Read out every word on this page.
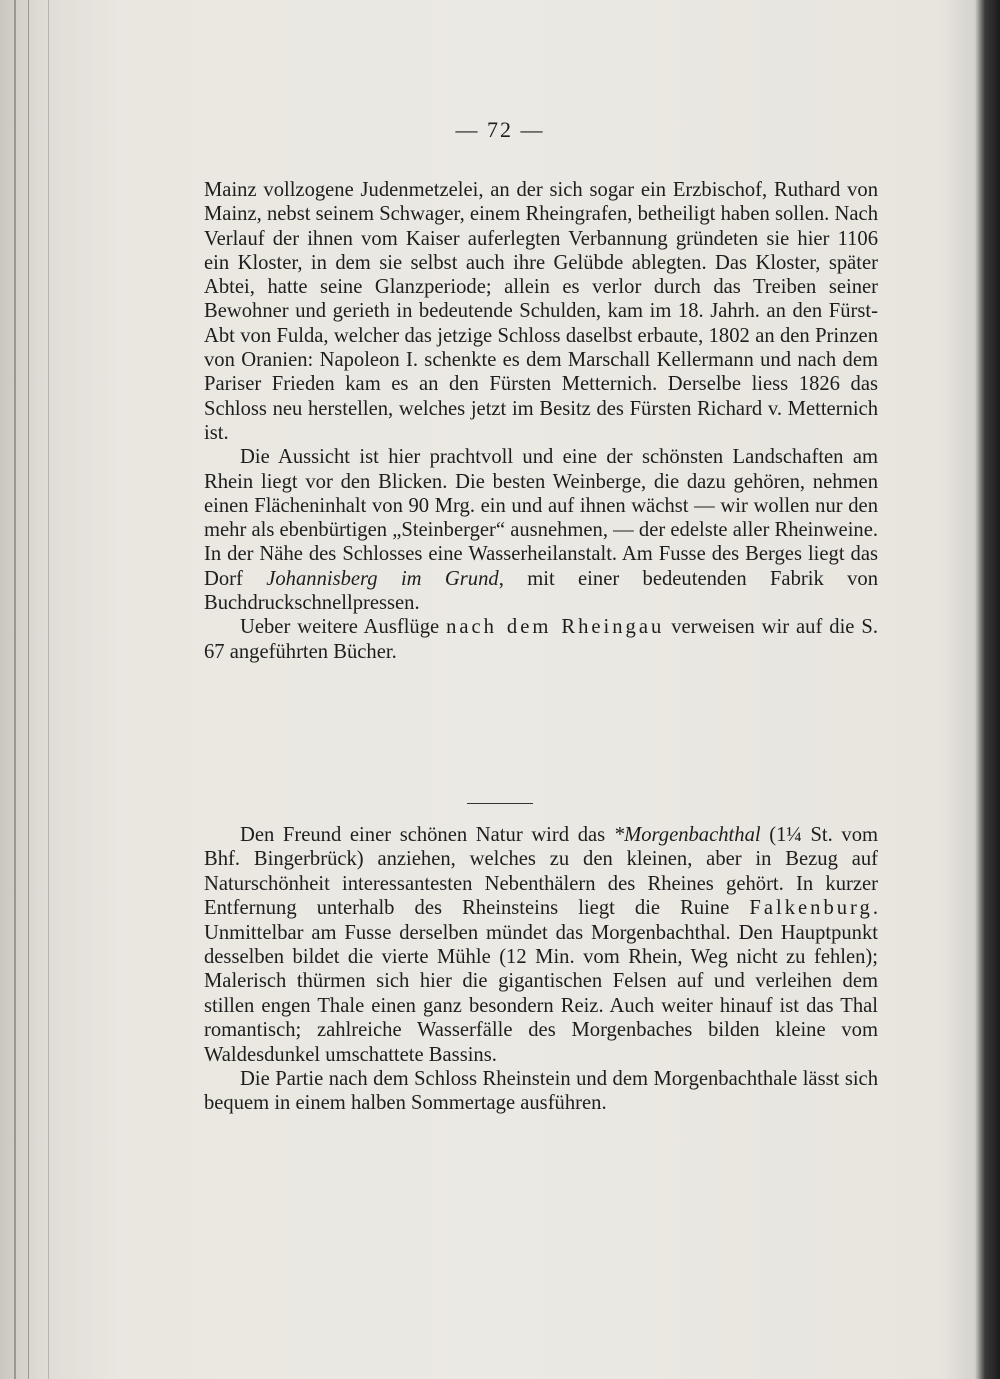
— 72 —

Mainz vollzogene Judenmetzelei, an der sich sogar ein Erzbischof, Ruthard von Mainz, nebst seinem Schwager, einem Rheingrafen, betheiligt haben sollen. Nach Verlauf der ihnen vom Kaiser auferlegten Verbannung gründeten sie hier 1106 ein Kloster, in dem sie selbst auch ihre Gelübde ablegten. Das Kloster, später Abtei, hatte seine Glanzperiode; allein es verlor durch das Treiben seiner Bewohner und gerieth in bedeutende Schulden, kam im 18. Jahrh. an den Fürst-Abt von Fulda, welcher das jetzige Schloss daselbst erbaute, 1802 an den Prinzen von Oranien: Napoleon I. schenkte es dem Marschall Kellermann und nach dem Pariser Frieden kam es an den Fürsten Metternich. Derselbe liess 1826 das Schloss neu herstellen, welches jetzt im Besitz des Fürsten Richard v. Metternich ist.

Die Aussicht ist hier prachtvoll und eine der schönsten Landschaften am Rhein liegt vor den Blicken. Die besten Weinberge, die dazu gehören, nehmen einen Flächeninhalt von 90 Mrg. ein und auf ihnen wächst — wir wollen nur den mehr als ebenbürtigen „Steinberger“ ausnehmen, — der edelste aller Rheinweine. In der Nähe des Schlosses eine Wasserheilanstalt. Am Fusse des Berges liegt das Dorf Johannisberg im Grund, mit einer bedeutenden Fabrik von Buchdruckschnellpressen.

Ueber weitere Ausflüge nach dem Rheingau verweisen wir auf die S. 67 angeführten Bücher.

Den Freund einer schönen Natur wird das *Morgenbachthal (1¼ St. vom Bhf. Bingerbrück) anziehen, welches zu den kleinen, aber in Bezug auf Naturschönheit interessantesten Nebenthälern des Rheines gehört. In kurzer Entfernung unterhalb des Rheinsteins liegt die Ruine Falkenburg. Unmittelbar am Fusse derselben mündet das Morgenbachthal. Den Hauptpunkt desselben bildet die vierte Mühle (12 Min. vom Rhein, Weg nicht zu fehlen); Malerisch thürmen sich hier die gigantischen Felsen auf und verleihen dem stillen engen Thale einen ganz besondern Reiz. Auch weiter hinauf ist das Thal romantisch; zahlreiche Wasserfälle des Morgenbaches bilden kleine vom Waldesdunkel umschattete Bassins.

Die Partie nach dem Schloss Rheinstein und dem Morgenbachthale lässt sich bequem in einem halben Sommertage ausführen.
